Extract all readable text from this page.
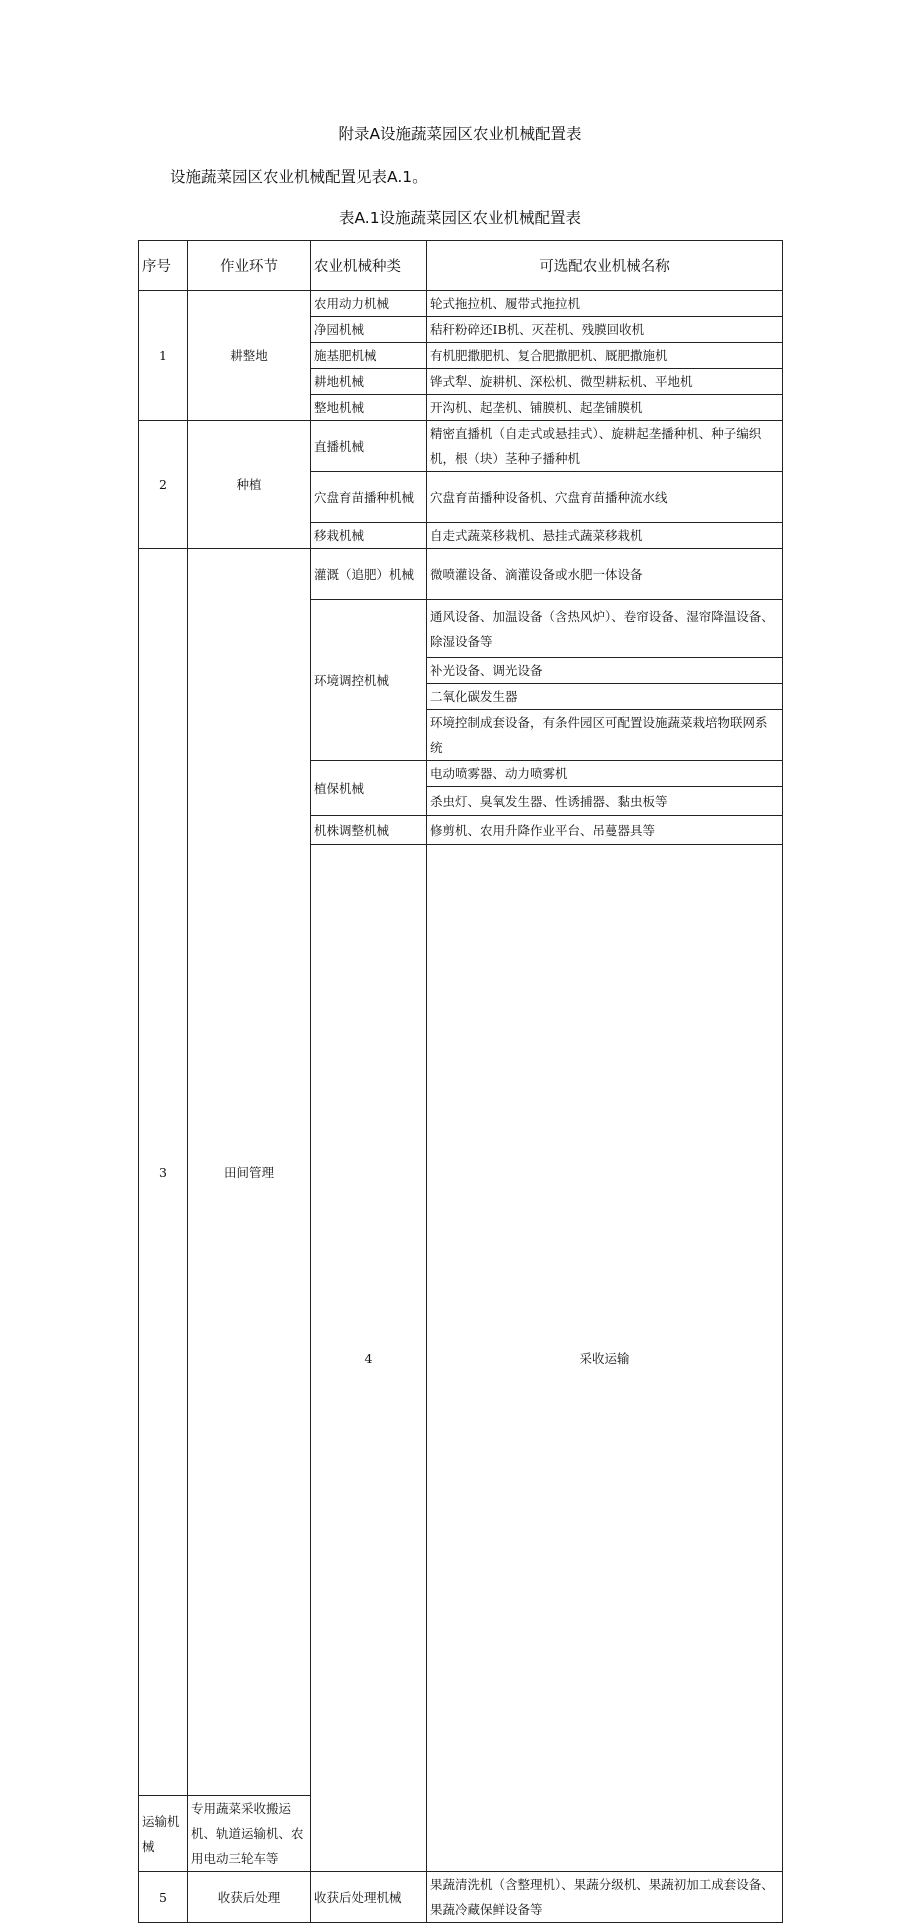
附录A设施蔬菜园区农业机械配置表
设施蔬菜园区农业机械配置见表A.1。
表A.1设施蔬菜园区农业机械配置表
序号	作业环节	农业机械种类	可选配农业机械名称	
1	耕整地	农用动力机械	轮式拖拉机、履带式拖拉机	
		净园机械	秸秆粉碎还IB机、灭茬机、残膜回收机	
		施基肥机械	有机肥撒肥机、复合肥撒肥机、厩肥撒施机	
		耕地机械	铧式犁、旋耕机、深松机、微型耕耘机、平地机	
		整地机械	开沟机、起垄机、铺膜机、起垄铺膜机	
2	种植	直播机械	精密直播机（自走式或悬挂式）、旋耕起垄播种机、种子编织机，根（块）茎种子播种机	
		穴盘育苗播种机械	穴盘育苗播种设备机、穴盘育苗播种流水线	
		移栽机械	自走式蔬菜移栽机、悬挂式蔬菜移栽机	
3	田间管理	灌溉（追肥）机械	微喷灌设备、滴灌设备或水肥一体设备	
		环境调控机械	通风设备、加温设备（含热风炉）、卷帘设备、湿帘降温设备、除湿设备等	
			补光设备、调光设备	
			二氧化碳发生器	
			环境控制成套设备，有条件园区可配置设施蔬菜栽培物联网系统	
		植保机械	电动喷雾器、动力喷雾机	
			杀虫灯、臭氧发生器、性诱捕器、黏虫板等	
		机株调整机械	修剪机、农用升降作业平台、吊蔓器具等	
		4	采收运输		
运输机械	专用蔬菜采收搬运机、轨道运输机、农用电动三轮车等			
5	收获后处理	收获后处理机械	果蔬清洗机（含整理机）、果蔬分级机、果蔬初加工成套设备、果蔬冷藏保鲜设备等	
